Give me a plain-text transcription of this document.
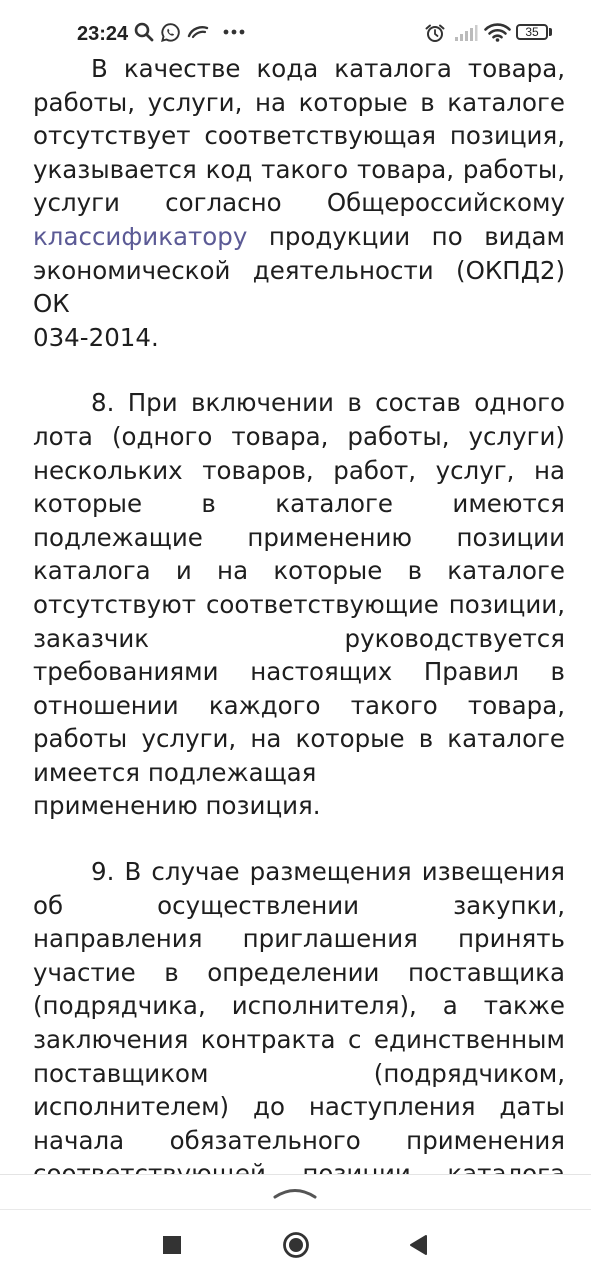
23:24	35

В качестве кода каталога товара, работы, услуги, на которые в каталоге отсутствует соответствующая позиция, указывается код такого товара, работы, услуги согласно Общероссийскому классификатору продукции по видам экономической деятельности (ОКПД2) ОК
034-2014.

8. При включении в состав одного лота (одного товара, работы, услуги) нескольких товаров, работ, услуг, на которые в каталоге имеются подлежащие применению позиции каталога и на которые в каталоге отсутствуют соответствующие позиции, заказчик руководствуется требованиями настоящих Правил в отношении каждого такого товара, работы услуги, на которые в каталоге имеется подлежащая
применению позиция.

9. В случае размещения извещения об осуществлении закупки, направления приглашения принять участие в определении поставщика (подрядчика, исполнителя), а также заключения контракта с единственным поставщиком (подрядчиком, исполнителем) до наступления даты начала обязательного применения
